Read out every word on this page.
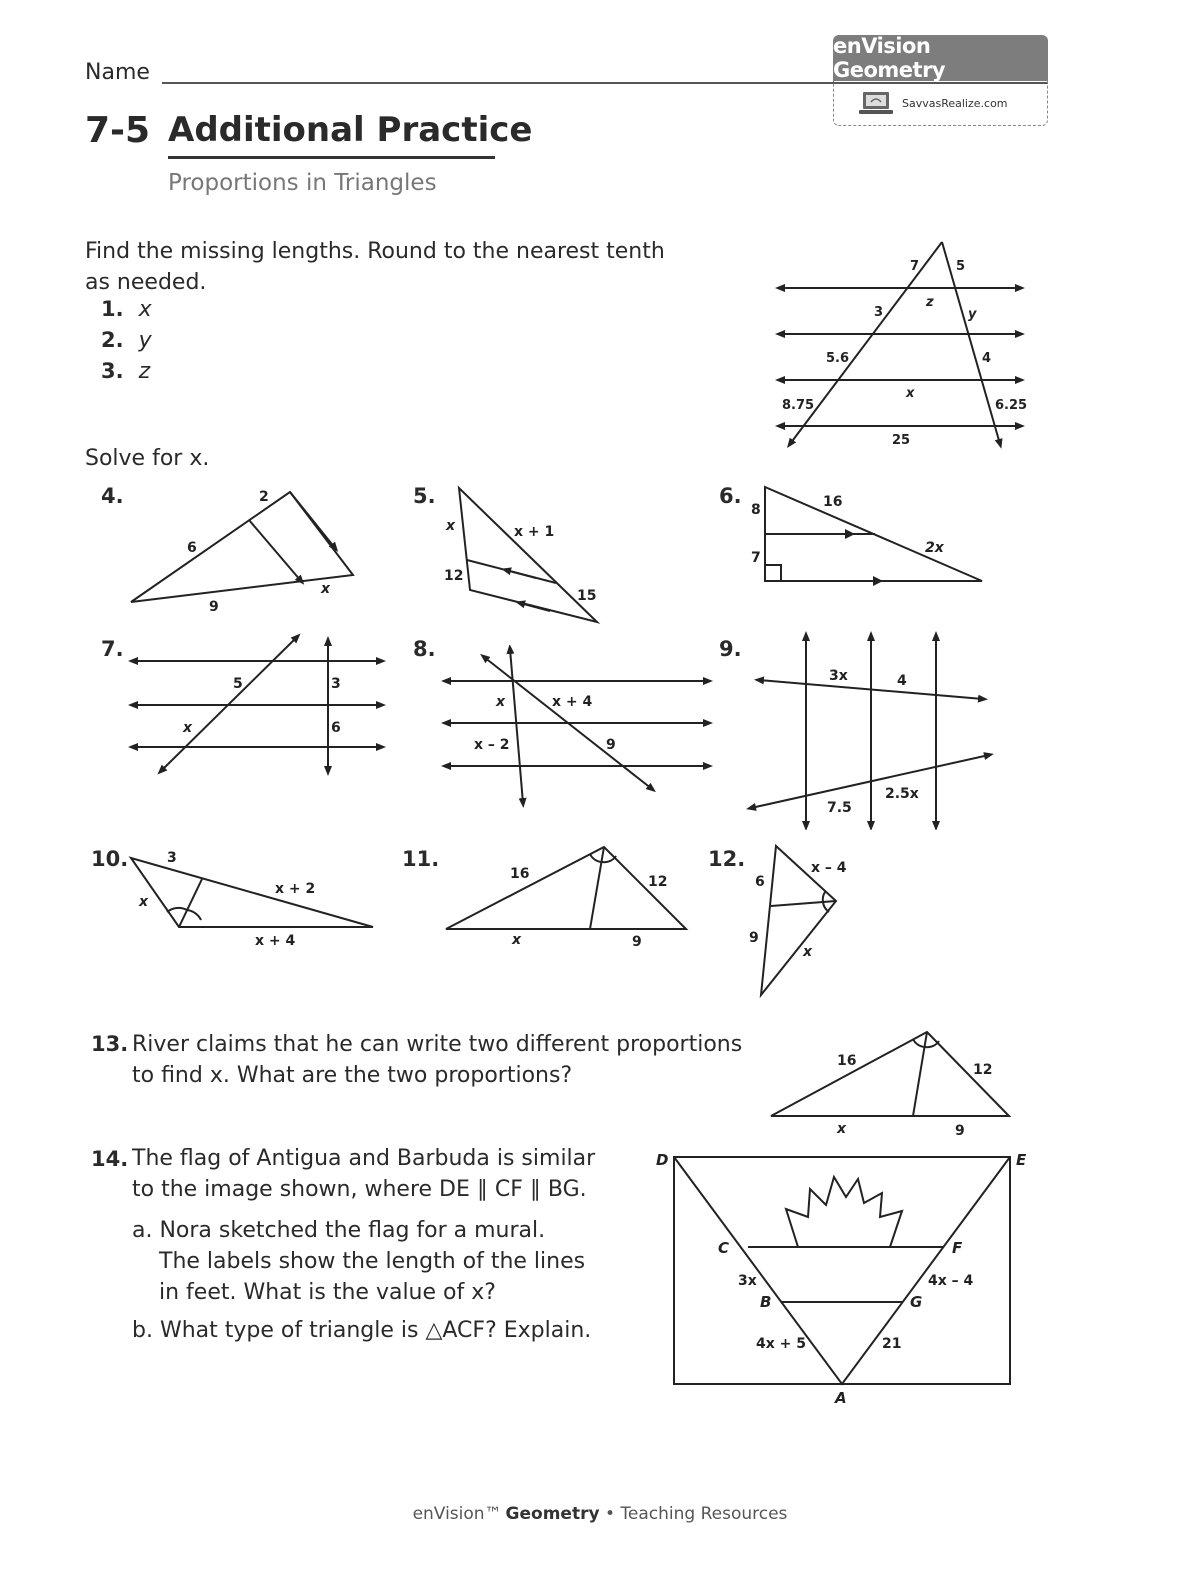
Name
enVision Geometry
SavvasRealize.com
7-5 Additional Practice
Proportions in Triangles
Find the missing lengths. Round to the nearest tenth
as needed.
1. x
2. y
3. z
7	5
z
3	y
5.6	4
x
8.75	6.25
25
Solve for x.
4.	2
6
9
x
5.
x	x + 1
12
15
6.
8	16
7
2x
7.
5	3
x	6
8.
x	x + 4
x – 2	9
9.
3x	4
7.5
2.5x
10.	3
x + 2
x
x + 4
11.
16	12
x	9
12.
6
x – 4
9
x
13. River claims that he can write two different proportions
to find x. What are the two proportions?
16
12
x	9
14. The flag of Antigua and Barbuda is similar
to the image shown, where DE ∥ CF ∥ BG.
a. Nora sketched the flag for a mural.
The labels show the length of the lines
in feet. What is the value of x?
b. What type of triangle is △ACF? Explain.
D	E
C	F
3x	4x – 4
B	G
4x + 5	21
A
enVision™ Geometry • Teaching Resources
